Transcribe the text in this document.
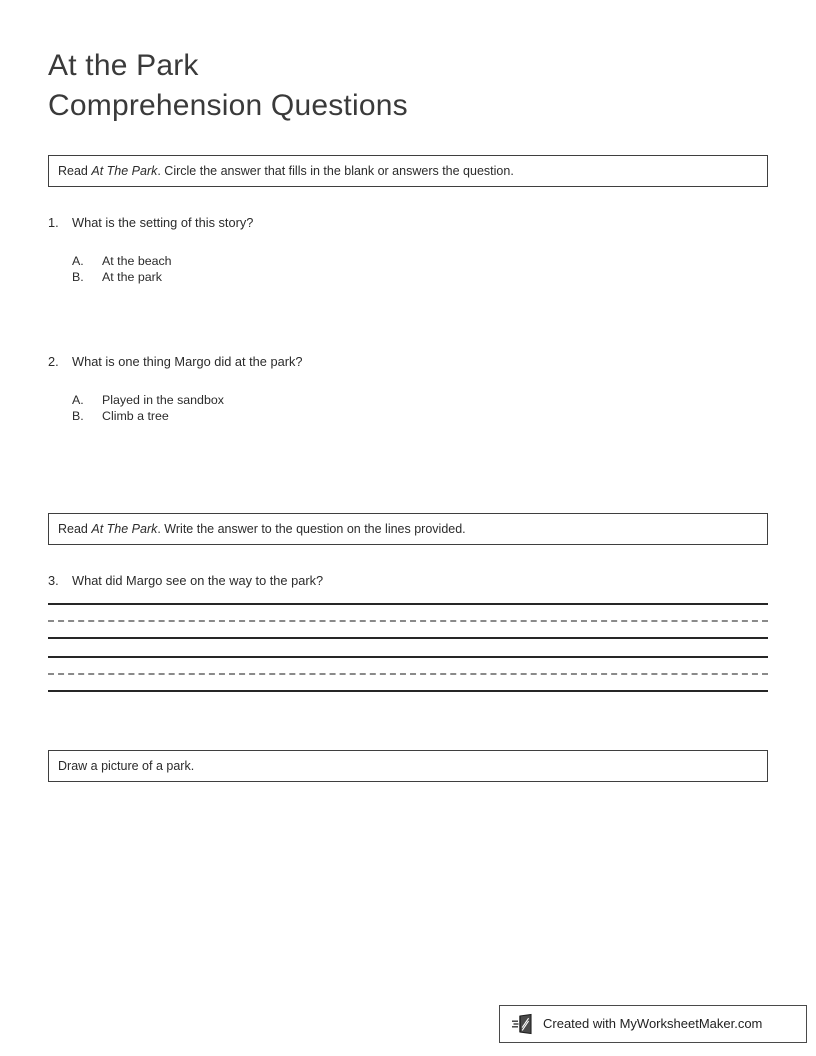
At the Park
Comprehension Questions
Read At The Park. Circle the answer that fills in the blank or answers the question.
1.	What is the setting of this story?
A.	At the beach
B.	At the park
2.	What is one thing Margo did at the park?
A.	Played in the sandbox
B.	Climb a tree
Read At The Park. Write the answer to the question on the lines provided.
3.	What did Margo see on the way to the park?
Draw a picture of a park.
Created with MyWorksheetMaker.com
